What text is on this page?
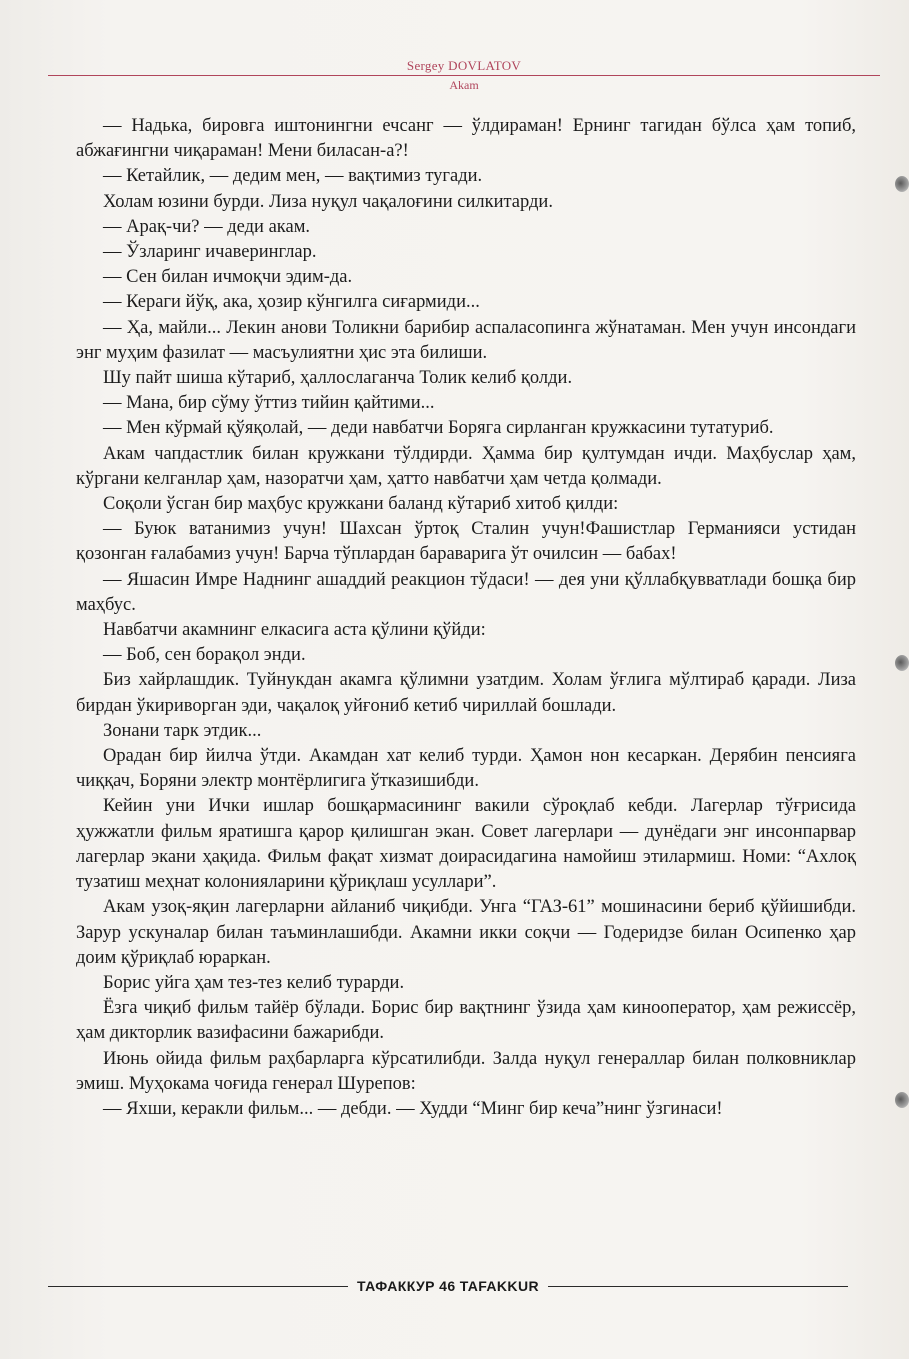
Sergey DOVLATOV
Akam

— Надька, бировга иштонингни ечсанг — ўлдираман! Ернинг тагидан бўлса ҳам топиб, абжағингни чиқараман! Мени биласан-а?!

— Кетайлик, — дедим мен, — вақтимиз тугади.

Холам юзини бурди. Лиза нуқул чақалоғини силкитарди.

— Арақ-чи? — деди акам.

— Ўзларинг ичаверинглар.

— Сен билан ичмоқчи эдим-да.

— Кераги йўқ, ака, ҳозир кўнгилга сиғармиди...

— Ҳа, майли... Лекин анови Толикни барибир аспаласопинга жўнатаман. Мен учун инсондаги энг муҳим фазилат — масъулиятни ҳис эта билиши.

Шу пайт шиша кўтариб, ҳаллослаганча Толик келиб қолди.

— Мана, бир сўму ўттиз тийин қайтими...

— Мен кўрмай қўяқолай, — деди навбатчи Боряга сирланган кружкасини тутатуриб.

Акам чапдастлик билан кружкани тўлдирди. Ҳамма бир қултумдан ичди. Маҳбуслар ҳам, кўргани келганлар ҳам, назоратчи ҳам, ҳатто навбатчи ҳам четда қолмади.

Соқоли ўсган бир маҳбус кружкани баланд кўтариб хитоб қилди:

— Буюк ватанимиз учун! Шахсан ўртоқ Сталин учун!Фашистлар Германияси устидан қозонган ғалабамиз учун! Барча тўплардан бараварига ўт очилсин — бабах!

— Яшасин Имре Наднинг ашаддий реакцион тўдаси! — дея уни қўллабқувватлади бошқа бир маҳбус.

Навбатчи акамнинг елкасига аста қўлини қўйди:

— Боб, сен борақол энди.

Биз хайрлашдик. Туйнукдан акамга қўлимни узатдим. Холам ўғлига мўлтираб қаради. Лиза бирдан ўкириворган эди, чақалоқ уйғониб кетиб чириллай бошлади.

Зонани тарк этдик...

Орадан бир йилча ўтди. Акамдан хат келиб турди. Ҳамон нон кесаркан. Дерябин пенсияга чиққач, Боряни электр монтёрлигига ўтказишибди.

Кейин уни Ички ишлар бошқармасининг вакили сўроқлаб кебди. Лагерлар тўғрисида ҳужжатли фильм яратишга қарор қилишган экан. Совет лагерлари — дунёдаги энг инсонпарвар лагерлар экани ҳақида. Фильм фақат хизмат доирасидагина намойиш этилармиш. Номи: “Ахлоқ тузатиш меҳнат колонияларини қўриқлаш усуллари”.

Акам узоқ-яқин лагерларни айланиб чиқибди. Унга “ГАЗ-61” мошинасини бериб қўйишибди. Зарур ускуналар билан таъминлашибди. Акамни икки соқчи — Годеридзе билан Осипенко ҳар доим қўриқлаб юраркан.

Борис уйга ҳам тез-тез келиб турарди.

Ёзга чиқиб фильм тайёр бўлади. Борис бир вақтнинг ўзида ҳам кинооператор, ҳам режиссёр, ҳам дикторлик вазифасини бажарибди.

Июнь ойида фильм раҳбарларга кўрсатилибди. Залда нуқул генераллар билан полковниклар эмиш. Муҳокама чоғида генерал Шурепов:

— Яхши, керакли фильм... — дебди. — Худди “Минг бир кеча”нинг ўзгинаси!

ТАФАККУР 46 TAFAKKUR
